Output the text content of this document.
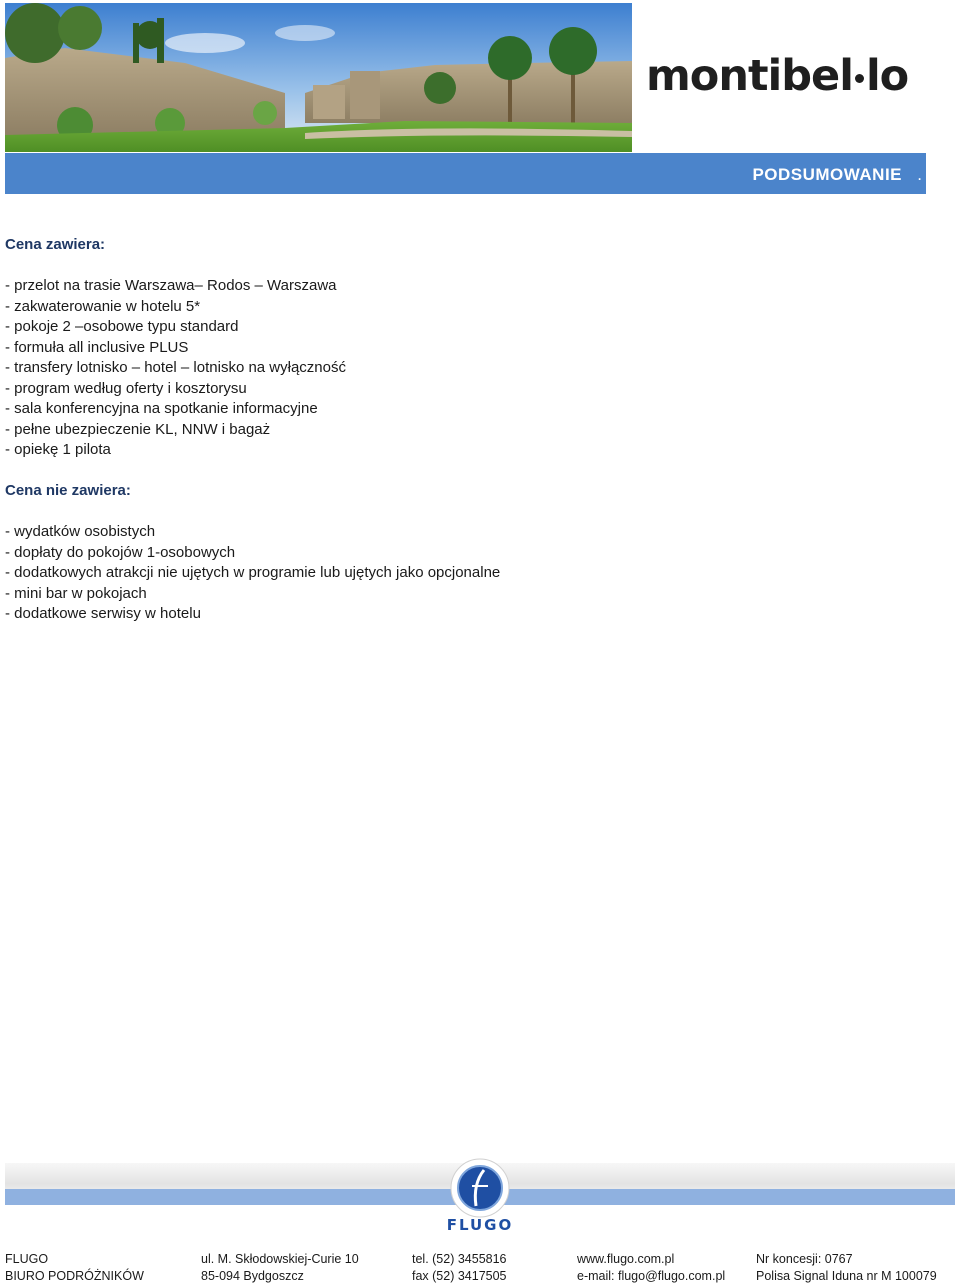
montibel lo
PODSUMOWANIE .

Cena zawiera:

- przelot na trasie Warszawa– Rodos – Warszawa
- zakwaterowanie w hotelu 5*
- pokoje 2 –osobowe typu standard
- formuła all inclusive PLUS
- transfery lotnisko – hotel – lotnisko na wyłączność
- program według oferty i kosztorysu
- sala konferencyjna na spotkanie informacyjne
- pełne ubezpieczenie KL, NNW i bagaż
- opiekę 1 pilota

Cena nie zawiera:

- wydatków osobistych
- dopłaty do pokojów 1-osobowych
- dodatkowych atrakcji nie ujętych w programie lub ujętych jako opcjonalne
- mini bar w pokojach
- dodatkowe serwisy w hotelu
FLUGO
FLUGO
BIURO PODRÓŻNIKÓW
ul. M. Skłodowskiej-Curie 10
85-094 Bydgoszcz
tel. (52) 3455816
fax (52) 3417505
www.flugo.com.pl
e-mail: flugo@flugo.com.pl
Nr koncesji: 0767
Polisa Signal Iduna nr M 100079
